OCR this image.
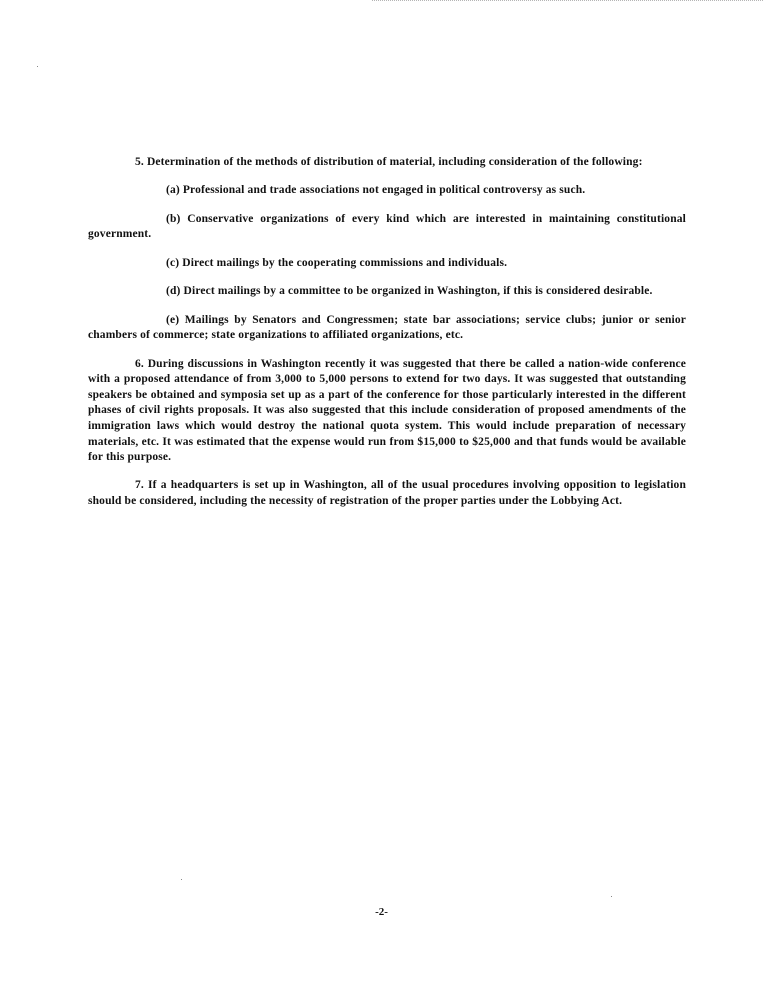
5. Determination of the methods of distribution of material, including consideration of the following:

(a) Professional and trade associations not engaged in political controversy as such.

(b) Conservative organizations of every kind which are interested in maintaining constitutional government.

(c) Direct mailings by the cooperating commissions and individuals.

(d) Direct mailings by a committee to be organized in Washington, if this is considered desirable.

(e) Mailings by Senators and Congressmen; state bar associations; service clubs; junior or senior chambers of commerce; state organizations to affiliated organizations, etc.

6. During discussions in Washington recently it was suggested that there be called a nation-wide conference with a proposed attendance of from 3,000 to 5,000 persons to extend for two days. It was suggested that outstanding speakers be obtained and symposia set up as a part of the conference for those particularly interested in the different phases of civil rights proposals. It was also suggested that this include consideration of proposed amendments of the immigration laws which would destroy the national quota system. This would include preparation of necessary materials, etc. It was estimated that the expense would run from $15,000 to $25,000 and that funds would be available for this purpose.

7. If a headquarters is set up in Washington, all of the usual procedures involving opposition to legislation should be considered, including the necessity of registration of the proper parties under the Lobbying Act.

-2-
